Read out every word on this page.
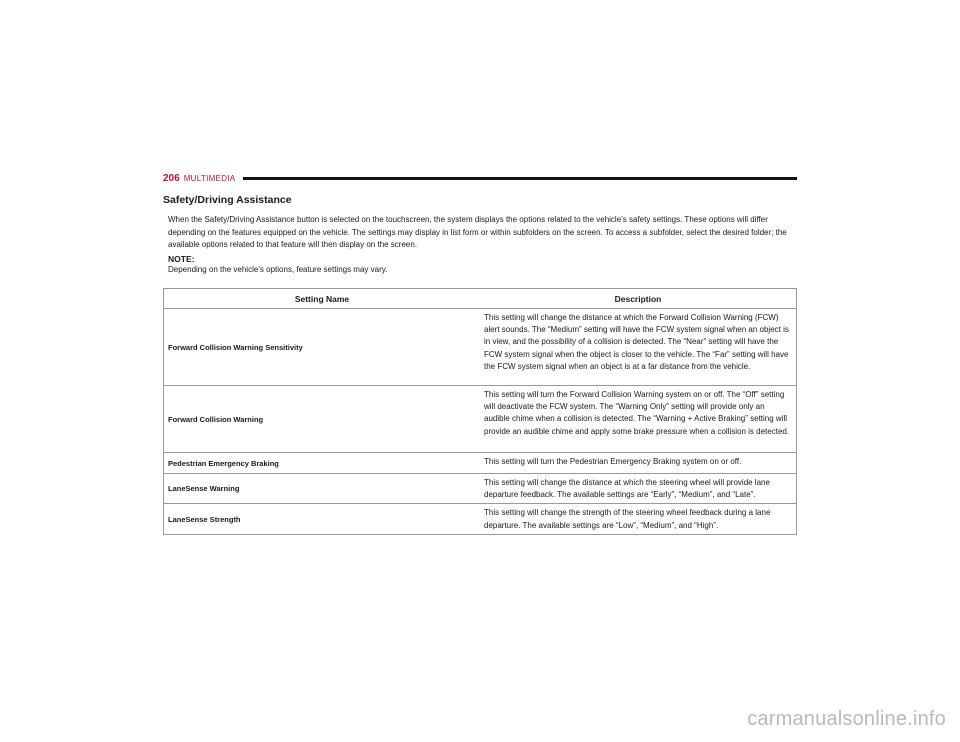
206 MULTIMEDIA
Safety/Driving Assistance

When the Safety/Driving Assistance button is selected on the touchscreen, the system displays the options related to the vehicle’s safety settings. These options will differ depending on the features equipped on the vehicle. The settings may display in list form or within subfolders on the screen. To access a subfolder, select the desired folder; the available options related to that feature will then display on the screen.

NOTE:

Depending on the vehicle’s options, feature settings may vary.

Setting Name	Description
Forward Collision Warning Sensitivity	This setting will change the distance at which the Forward Collision Warning (FCW) alert sounds. The “Medium” setting will have the FCW system signal when an object is in view, and the possibility of a collision is detected. The “Near” setting will have the FCW system signal when the object is closer to the vehicle. The “Far” setting will have the FCW system signal when an object is at a far distance from the vehicle.
Forward Collision Warning	This setting will turn the Forward Collision Warning system on or off. The “Off” setting will deactivate the FCW system. The “Warning Only” setting will provide only an audible chime when a collision is detected. The “Warning + Active Braking” setting will provide an audible chime and apply some brake pressure when a collision is detected.
Pedestrian Emergency Braking	This setting will turn the Pedestrian Emergency Braking system on or off.
LaneSense Warning	This setting will change the distance at which the steering wheel will provide lane departure feedback. The available settings are “Early”, “Medium”, and “Late”.
LaneSense Strength	This setting will change the strength of the steering wheel feedback during a lane departure. The available settings are “Low”, “Medium”, and “High”.
carmanualsonline.info
